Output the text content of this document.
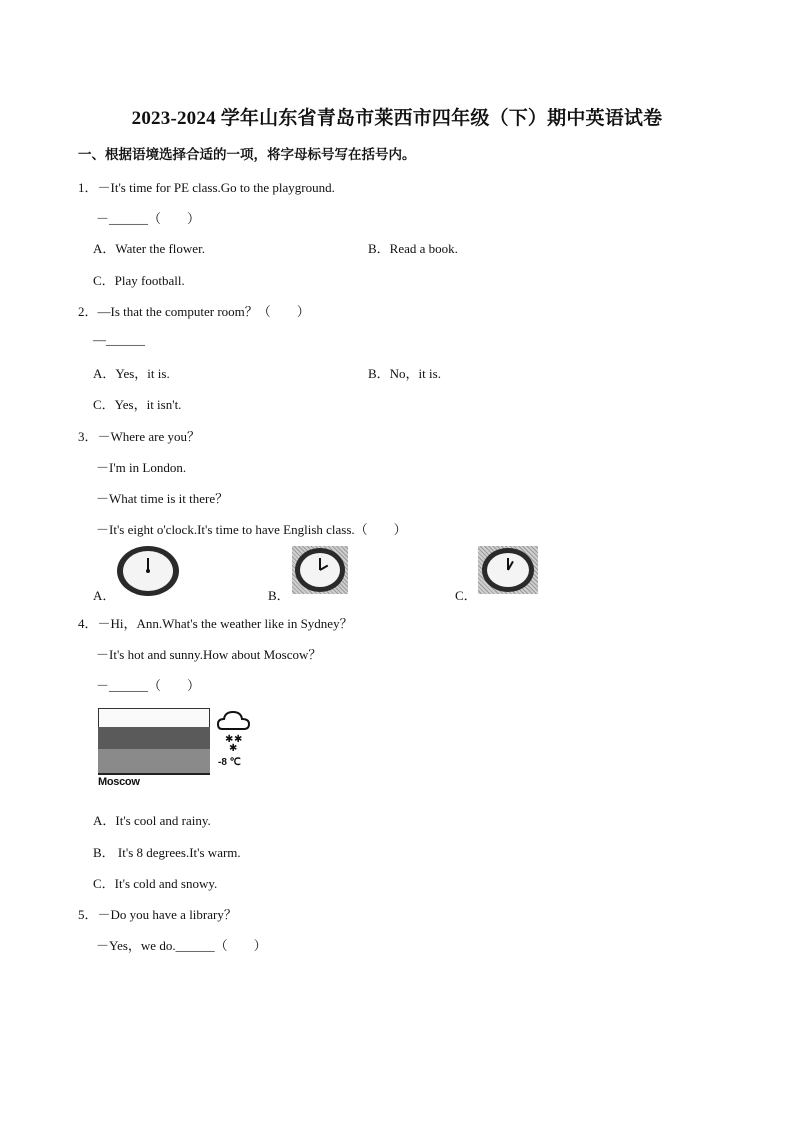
2023-2024 学年山东省青岛市莱西市四年级（下）期中英语试卷
一、根据语境选择合适的一项，将字母标号写在括号内。
1．－It's time for PE class.Go to the playground.
－______（　　）
A．Water the flower.	B．Read a book.
C．Play football.
2．—Is that the computer room？（　　）
—______
A．Yes，it is.	B．No，it is.
C．Yes，it isn't.
3．－Where are you？
－I'm in London.
－What time is it there？
－It's eight o'clock.It's time to have English class.（　　）
A．	B．	C．
4．－Hi，Ann.What's the weather like in Sydney？
－It's hot and sunny.How about Moscow？
－______（　　）
Moscow
✱ ✱
✱
-8 ℃
A．It's cool and rainy.
B． It's 8 degrees.It's warm.
C．It's cold and snowy.
5．－Do you have a library？
－Yes，we do.______（　　）
